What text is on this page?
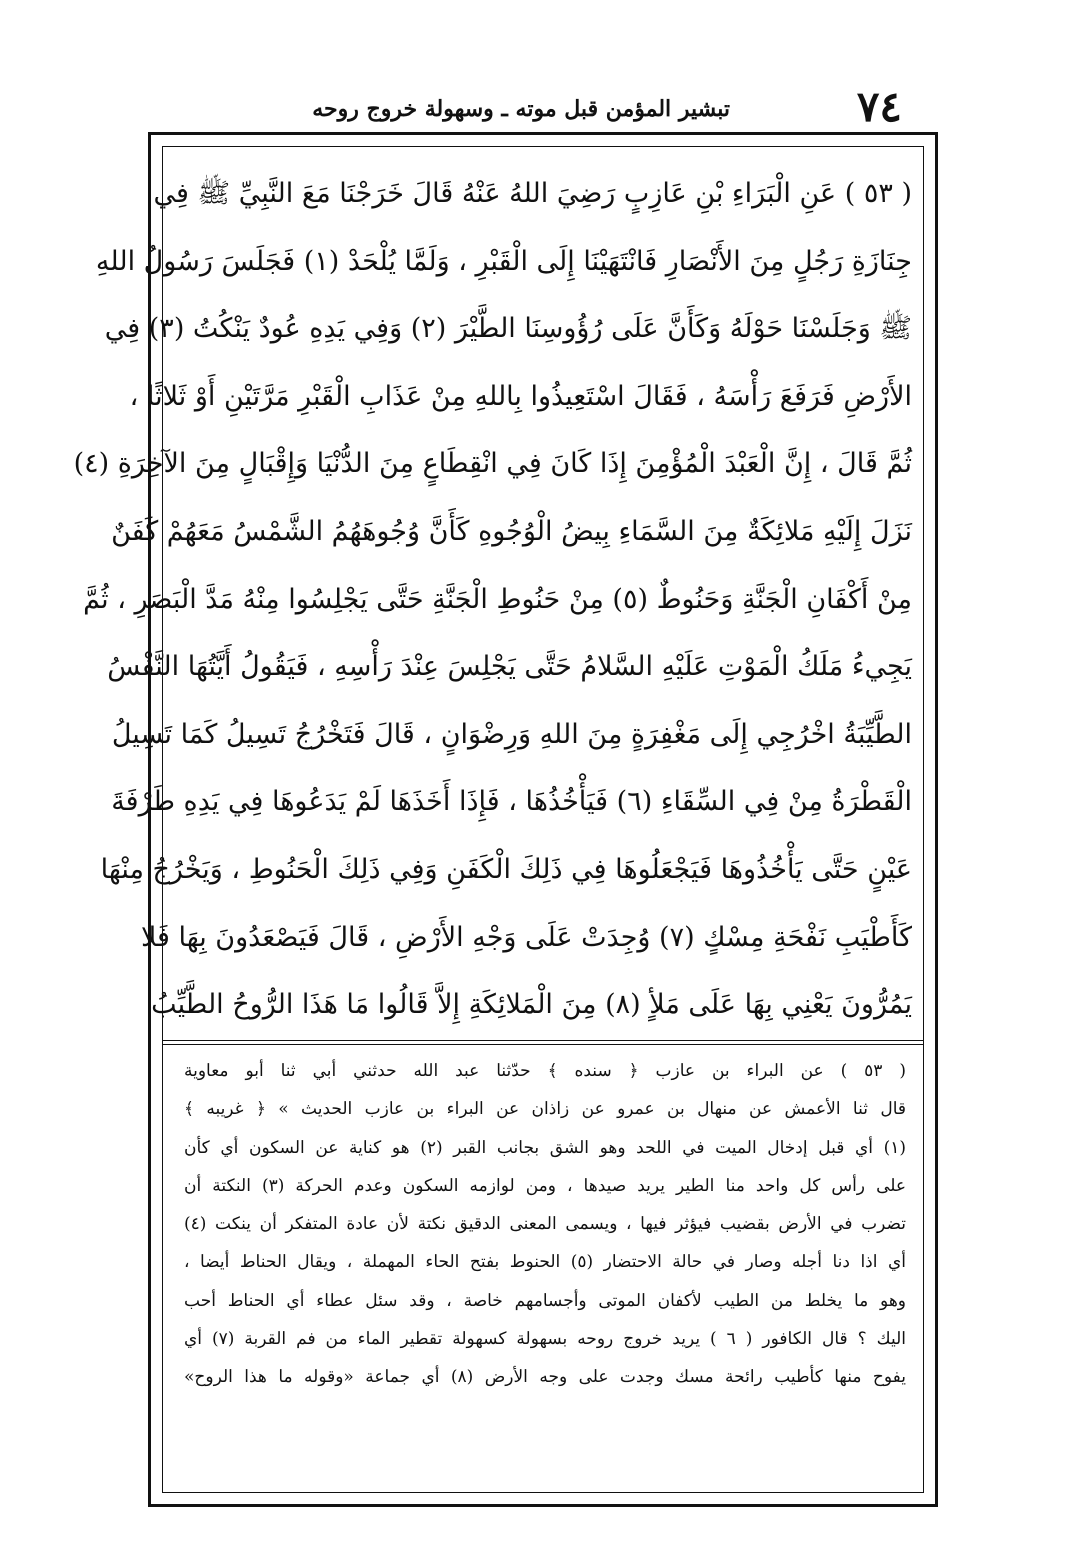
٧٤
تبشير المؤمن قبل موته ـ وسهولة خروج روحه
( ٥٣ ) عَنِ الْبَرَاءِ بْنِ عَازِبٍ رَضِيَ اللهُ عَنْهُ قَالَ خَرَجْنَا مَعَ النَّبِيِّ ﷺ فِي
جِنَازَةِ رَجُلٍ مِنَ الأَنْصَارِ فَانْتَهَيْنَا إِلَى الْقَبْرِ ، وَلَمَّا يُلْحَدْ (١) فَجَلَسَ رَسُولُ اللهِ
ﷺ وَجَلَسْنَا حَوْلَهُ وَكَأَنَّ عَلَى رُؤُوسِنَا الطَّيْرَ (٢) وَفِي يَدِهِ عُودٌ يَنْكُتُ (٣) فِي
الأَرْضِ فَرَفَعَ رَأْسَهُ ، فَقَالَ اسْتَعِيذُوا بِاللهِ مِنْ عَذَابِ الْقَبْرِ مَرَّتَيْنِ أَوْ ثَلاثًا ،
ثُمَّ قَالَ ، إِنَّ الْعَبْدَ الْمُؤْمِنَ إِذَا كَانَ فِي انْقِطَاعٍ مِنَ الدُّنْيَا وَإِقْبَالٍ مِنَ الآخِرَةِ (٤)
نَزَلَ إِلَيْهِ مَلائِكَةٌ مِنَ السَّمَاءِ بِيضُ الْوُجُوهِ كَأَنَّ وُجُوهَهُمُ الشَّمْسُ مَعَهُمْ كَفَنٌ
مِنْ أَكْفَانِ الْجَنَّةِ وَحَنُوطٌ (٥) مِنْ حَنُوطِ الْجَنَّةِ حَتَّى يَجْلِسُوا مِنْهُ مَدَّ الْبَصَرِ ، ثُمَّ
يَجِيءُ مَلَكُ الْمَوْتِ عَلَيْهِ السَّلامُ حَتَّى يَجْلِسَ عِنْدَ رَأْسِهِ ، فَيَقُولُ أَيَّتُهَا النَّفْسُ
الطَّيِّبَةُ اخْرُجِي إِلَى مَغْفِرَةٍ مِنَ اللهِ وَرِضْوَانٍ ، قَالَ فَتَخْرُجُ تَسِيلُ كَمَا تَسِيلُ
الْقَطْرَةُ مِنْ فِي السِّقَاءِ (٦) فَيَأْخُذُهَا ، فَإِذَا أَخَذَهَا لَمْ يَدَعُوهَا فِي يَدِهِ طَرْفَةَ
عَيْنٍ حَتَّى يَأْخُذُوهَا فَيَجْعَلُوهَا فِي ذَلِكَ الْكَفَنِ وَفِي ذَلِكَ الْحَنُوطِ ، وَيَخْرُجُ مِنْهَا
كَأَطْيَبِ نَفْحَةِ مِسْكٍ (٧) وُجِدَتْ عَلَى وَجْهِ الأَرْضِ ، قَالَ فَيَصْعَدُونَ بِهَا فَلا
يَمُرُّونَ يَعْنِي بِهَا عَلَى مَلأٍ (٨) مِنَ الْمَلائِكَةِ إِلاَّ قَالُوا مَا هَذَا الرُّوحُ الطَّيِّبُ
( ٥٣ ) عن البراء بن عازب ﴿ سنده ﴾ حدّثنا عبد الله حدثني أبي ثنا أبو معاوية
قال ثنا الأعمش عن منهال بن عمرو عن زاذان عن البراء بن عازب الحديث » ﴿ غريبه ﴾
(١) أي قبل إدخال الميت في اللحد وهو الشق بجانب القبر (٢) هو كناية عن السكون أي كأن
على رأس كل واحد منا الطير يريد صيدها ، ومن لوازمه السكون وعدم الحركة (٣) النكتة أن
تضرب في الأرض بقضيب فيؤثر فيها ، ويسمى المعنى الدقيق نكتة لأن عادة المتفكر أن ينكت (٤)
أي اذا دنا أجله وصار في حالة الاحتضار (٥) الحنوط بفتح الحاء المهملة ، ويقال الحناط أيضا ،
وهو ما يخلط من الطيب لأكفان الموتى وأجسامهم خاصة ، وقد سئل عطاء أي الحناط أحب
اليك ؟ قال الكافور ( ٦ ) يريد خروج روحه بسهولة كسهولة تقطير الماء من فم القربة (٧) أي
يفوح منها كأطيب رائحة مسك وجدت على وجه الأرض (٨) أي جماعة «وقوله ما هذا الروح»
